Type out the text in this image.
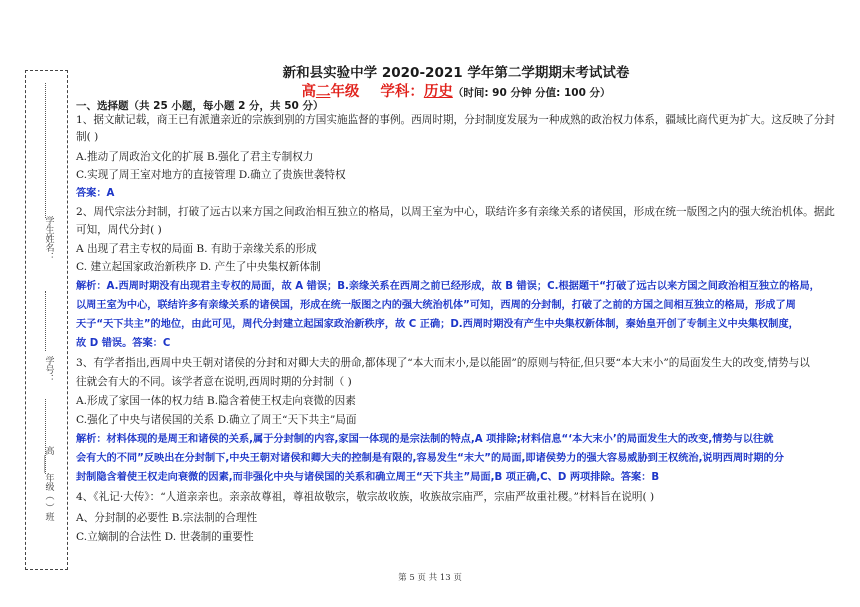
学生姓名：
学号：
高____年级（ ）班
新和县实验中学 2020-2021 学年第二学期期末考试试卷
高二年级 学科：历史（时间: 90 分钟 分值: 100 分）
一、选择题（共 25 小题，每小题 2 分，共 50 分）
1、据文献记载，商王已有派遣亲近的宗族到别的方国实施监督的事例。西周时期，分封制度发展为一种成熟的政治权力体系，疆域比商代更为扩大。这反映了分封
制( )
A.推动了周政治文化的扩展 B.强化了君主专制权力
C.实现了周王室对地方的直接管理 D.确立了贵族世袭特权
答案：A
2、周代宗法分封制，打破了远古以来方国之间政治相互独立的格局，以周王室为中心，联结许多有亲缘关系的诸侯国，形成在统一版图之内的强大统治机体。据此
可知，周代分封( )
A 出现了君主专权的局面 B. 有助于亲缘关系的形成
C. 建立起国家政治新秩序 D. 产生了中央集权新体制
解析：A.西周时期没有出现君主专权的局面，故 A 错误；B.亲缘关系在西周之前已经形成，故 B 错误；C.根据题干“打破了远古以来方国之间政治相互独立的格局，
以周王室为中心，联结许多有亲缘关系的诸侯国，形成在统一版图之内的强大统治机体”可知，西周的分封制，打破了之前的方国之间相互独立的格局，形成了周
天子“天下共主”的地位，由此可见，周代分封建立起国家政治新秩序，故 C 正确；D.西周时期没有产生中央集权新体制，秦始皇开创了专制主义中央集权制度，
故 D 错误。答案：C
3、有学者指出,西周中央王朝对诸侯的分封和对卿大夫的册命,都体现了“本大而末小,是以能固”的原则与特征,但只要“本大末小”的局面发生大的改变,情势与以
往就会有大的不同。该学者意在说明,西周时期的分封制（ )
A.形成了家国一体的权力结 B.隐含着使王权走向衰微的因素
C.强化了中央与诸侯国的关系 D.确立了周王“天下共主”局面
解析：材料体现的是周王和诸侯的关系,属于分封制的内容,家国一体现的是宗法制的特点,A 项排除;材料信息“‘本大末小’的局面发生大的改变,情势与以往就
会有大的不同”反映出在分封制下,中央王朝对诸侯和卿大夫的控制是有限的,容易发生“末大”的局面,即诸侯势力的强大容易威胁到王权统治,说明西周时期的分
封制隐含着使王权走向衰微的因素,而非强化中央与诸侯国的关系和确立周王“天下共主”局面,B 项正确,C、D 两项排除。答案：B
4、《礼记·大传》：“人道亲亲也。亲亲故尊祖，尊祖故敬宗，敬宗故收族，收族故宗庙严，宗庙严故重社稷。”材料旨在说明( )
A、分封制的必要性 B.宗法制的合理性
C.立嫡制的合法性 D. 世袭制的重要性
第 5 页 共 13 页
